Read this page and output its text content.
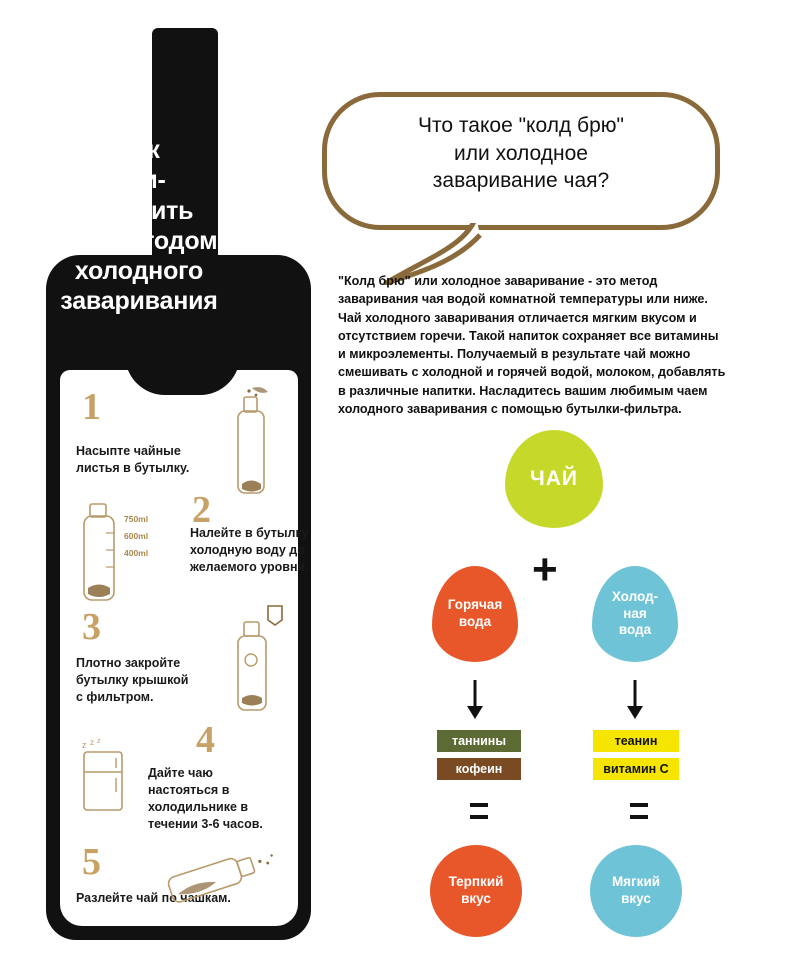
Как
при-
готовить
чай методом
холодного
заваривания
1
Насыпте чайные
листья в бутылку.
2
Налейте в бутылку
холодную воду до
желаемого уровня.
750ml
600ml
400ml
3
Плотно закройте
бутылку крышкой
с фильтром.
4
Дайте чаю
настояться в
холодильнике в
течении 3-6 часов.
z z z
5
Разлейте чай по чашкам.
Что такое "колд брю"
или холодное
заваривание чая?
"Колд брю" или холодное заваривание - это метод заваривания чая водой комнатной температуры или ниже. Чай холодного заваривания отличается мягким вкусом и отсутствием горечи. Такой напиток сохраняет все витамины и микроэлементы. Получаемый в результате чай можно смешивать с холодной и горячей водой, молоком, добавлять в различные напитки. Насладитесь вашим любимым чаем холодного заваривания с помощью бутылки-фильтра.
ЧАЙ
+
Горячая
вода
Холод-
ная
вода
таннины
кофеин
теанин
витамин С
Терпкий
вкус
Мягкий
вкус
